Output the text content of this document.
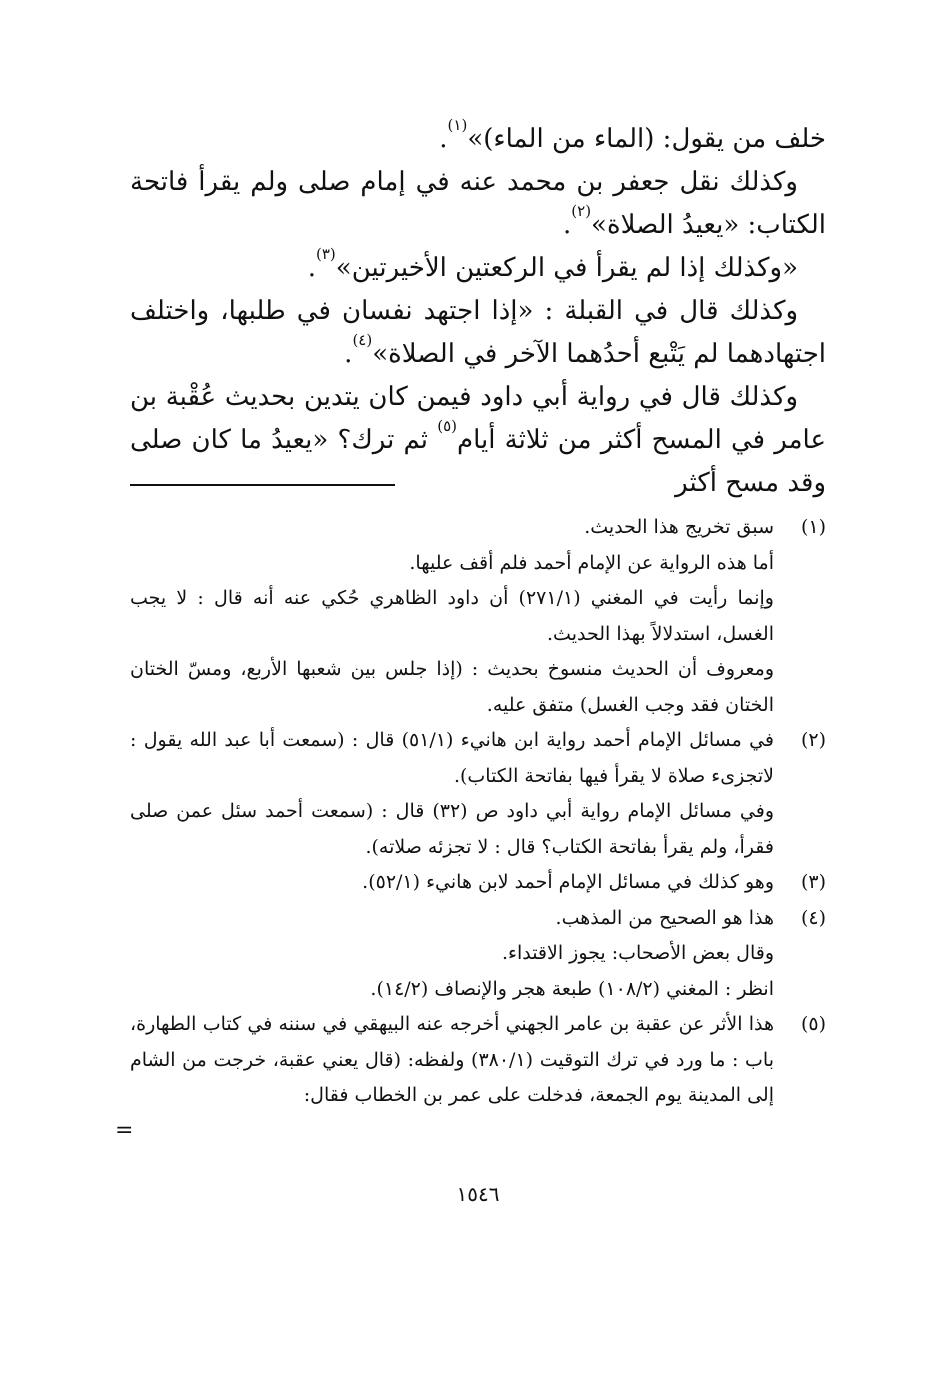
خلف من يقول: (الماء من الماء)»$^{(١)}$.

وكذلك نقل جعفر بن محمد عنه في إمام صلى ولم يقرأ فاتحة الكتاب: «يعيدُ الصلاة»$^{(٢)}$.

«وكذلك إذا لم يقرأ في الركعتين الأخيرتين»$^{(٣)}$.

وكذلك قال في القبلة : «إذا اجتهد نفسان في طلبها، واختلف اجتهادهما لم يَتْبع أحدُهما الآخر في الصلاة»$^{(٤)}$.

وكذلك قال في رواية أبي داود فيمن كان يتدين بحديث عُقْبة بن عامر في المسح أكثر من ثلاثة أيام$^{(٥)}$ ثم ترك؟ «يعيدُ ما كان صلى وقد مسح أكثر

(١)

سبق تخريج هذا الحديث.

أما هذه الرواية عن الإمام أحمد فلم أقف عليها.

وإنما رأيت في المغني (٢٧١/١) أن داود الظاهري حُكي عنه أنه قال : لا يجب الغسل، استدلالاً بهذا الحديث.

ومعروف أن الحديث منسوخ بحديث : (إذا جلس بين شعبها الأربع، ومسّ الختان الختان فقد وجب الغسل) متفق عليه.

(٢)

في مسائل الإمام أحمد رواية ابن هانيء (٥١/١) قال : (سمعت أبا عبد الله يقول : لاتجزىء صلاة لا يقرأ فيها بفاتحة الكتاب).

وفي مسائل الإمام رواية أبي داود ص (٣٢) قال : (سمعت أحمد سئل عمن صلى فقرأ، ولم يقرأ بفاتحة الكتاب؟ قال : لا تجزئه صلاته).

(٣)

وهو كذلك في مسائل الإمام أحمد لابن هانيء (٥٢/١).

(٤)

هذا هو الصحيح من المذهب.

وقال بعض الأصحاب: يجوز الاقتداء.

انظر : المغني (١٠٨/٢) طبعة هجر والإنصاف (١٤/٢).

(٥)

هذا الأثر عن عقبة بن عامر الجهني أخرجه عنه البيهقي في سننه في كتاب الطهارة، باب : ما ورد في ترك التوقيت (٣٨٠/١) ولفظه: (قال يعني عقبة، خرجت من الشام إلى المدينة يوم الجمعة، فدخلت على عمر بن الخطاب فقال:

١٥٤٦
=
